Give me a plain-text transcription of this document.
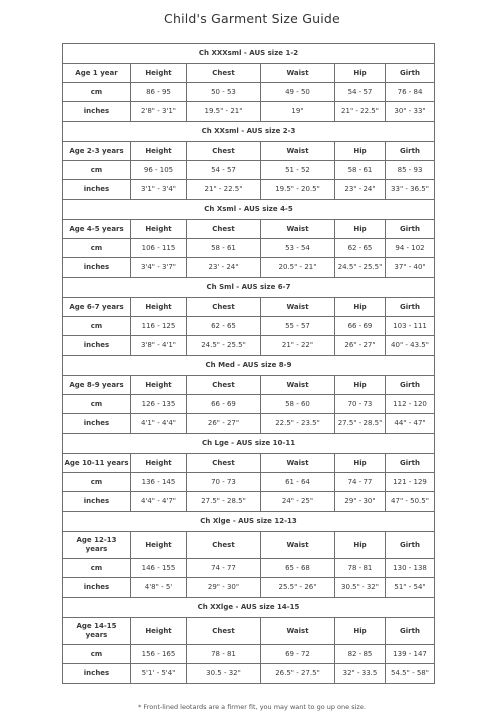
Child's Garment Size Guide
Ch XXXsml - AUS size 1-2					
Age 1 year	Height	Chest	Waist	Hip	Girth
cm	86 - 95	50 - 53	49 - 50	54 - 57	76 - 84
inches	2'8" - 3'1"	19.5" - 21"	19"	21" - 22.5"	30" - 33"
Ch XXsml - AUS size 2-3					
Age 2-3 years	Height	Chest	Waist	Hip	Girth
cm	96 - 105	54 - 57	51 - 52	58 - 61	85 - 93
inches	3'1" - 3'4"	21" - 22.5"	19.5" - 20.5"	23" - 24"	33" - 36.5"
Ch Xsml - AUS size 4-5					
Age 4-5 years	Height	Chest	Waist	Hip	Girth
cm	106 - 115	58 - 61	53 - 54	62 - 65	94 - 102
inches	3'4" - 3'7"	23' - 24"	20.5" - 21"	24.5" - 25.5"	37" - 40"
Ch Sml - AUS size 6-7					
Age 6-7 years	Height	Chest	Waist	Hip	Girth
cm	116 - 125	62 - 65	55 - 57	66 - 69	103 - 111
inches	3'8" - 4'1"	24.5" - 25.5"	21" - 22"	26" - 27"	40" - 43.5"
Ch Med - AUS size 8-9					
Age 8-9 years	Height	Chest	Waist	Hip	Girth
cm	126 - 135	66 - 69	58 - 60	70 - 73	112 - 120
inches	4'1" - 4'4"	26" - 27"	22.5" - 23.5"	27.5" - 28.5"	44" - 47"
Ch Lge - AUS size 10-11					
Age 10-11 years	Height	Chest	Waist	Hip	Girth
cm	136 - 145	70 - 73	61 - 64	74 - 77	121 - 129
inches	4'4" - 4'7"	27.5" - 28.5"	24" - 25"	29" - 30"	47" - 50.5"
Ch Xlge - AUS size 12-13					
Age 12-13 years	Height	Chest	Waist	Hip	Girth
cm	146 - 155	74 - 77	65 - 68	78 - 81	130 - 138
inches	4'8" - 5'	29" - 30"	25.5" - 26"	30.5" - 32"	51" - 54"
Ch XXlge - AUS size 14-15					
Age 14-15 years	Height	Chest	Waist	Hip	Girth
cm	156 - 165	78 - 81	69 - 72	82 - 85	139 - 147
inches	5'1' - 5'4"	30.5 - 32"	26.5" - 27.5"	32" - 33.5	54.5" - 58"
* Front-lined leotards are a firmer fit, you may want to go up one size.
